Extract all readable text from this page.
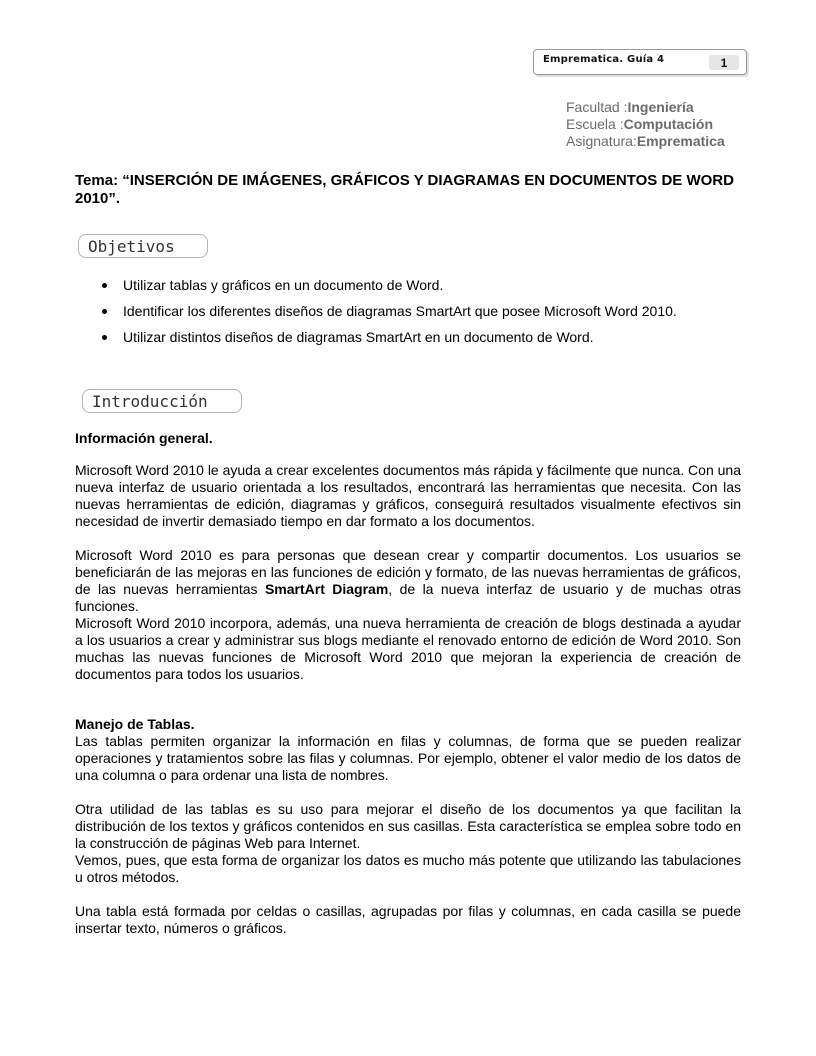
Emprematica. Guía 4	1
Facultad :Ingeniería
Escuela :Computación
Asignatura:Emprematica
Tema: “INSERCIÓN DE IMÁGENES, GRÁFICOS Y DIAGRAMAS EN DOCUMENTOS DE WORD 2010”.
Objetivos
Utilizar tablas y gráficos en un documento de Word.
Identificar los diferentes diseños de diagramas SmartArt que posee Microsoft Word 2010.
Utilizar distintos diseños de diagramas SmartArt en un documento de Word.
Introducción

Información general.

Microsoft Word 2010 le ayuda a crear excelentes documentos más rápida y fácilmente que nunca. Con una nueva interfaz de usuario orientada a los resultados, encontrará las herramientas que necesita. Con las nuevas herramientas de edición, diagramas y gráficos, conseguirá resultados visualmente efectivos sin necesidad de invertir demasiado tiempo en dar formato a los documentos.

Microsoft Word 2010 es para personas que desean crear y compartir documentos. Los usuarios se beneficiarán de las mejoras en las funciones de edición y formato, de las nuevas herramientas de gráficos, de las nuevas herramientas SmartArt Diagram, de la nueva interfaz de usuario y de muchas otras funciones.

Microsoft Word 2010 incorpora, además, una nueva herramienta de creación de blogs destinada a ayudar a los usuarios a crear y administrar sus blogs mediante el renovado entorno de edición de Word 2010. Son muchas las nuevas funciones de Microsoft Word 2010 que mejoran la experiencia de creación de documentos para todos los usuarios.

Manejo de Tablas.

Las tablas permiten organizar la información en filas y columnas, de forma que se pueden realizar operaciones y tratamientos sobre las filas y columnas. Por ejemplo, obtener el valor medio de los datos de una columna o para ordenar una lista de nombres.

Otra utilidad de las tablas es su uso para mejorar el diseño de los documentos ya que facilitan la distribución de los textos y gráficos contenidos en sus casillas. Esta característica se emplea sobre todo en la construcción de páginas Web para Internet.

Vemos, pues, que esta forma de organizar los datos es mucho más potente que utilizando las tabulaciones u otros métodos.

Una tabla está formada por celdas o casillas, agrupadas por filas y columnas, en cada casilla se puede insertar texto, números o gráficos.
